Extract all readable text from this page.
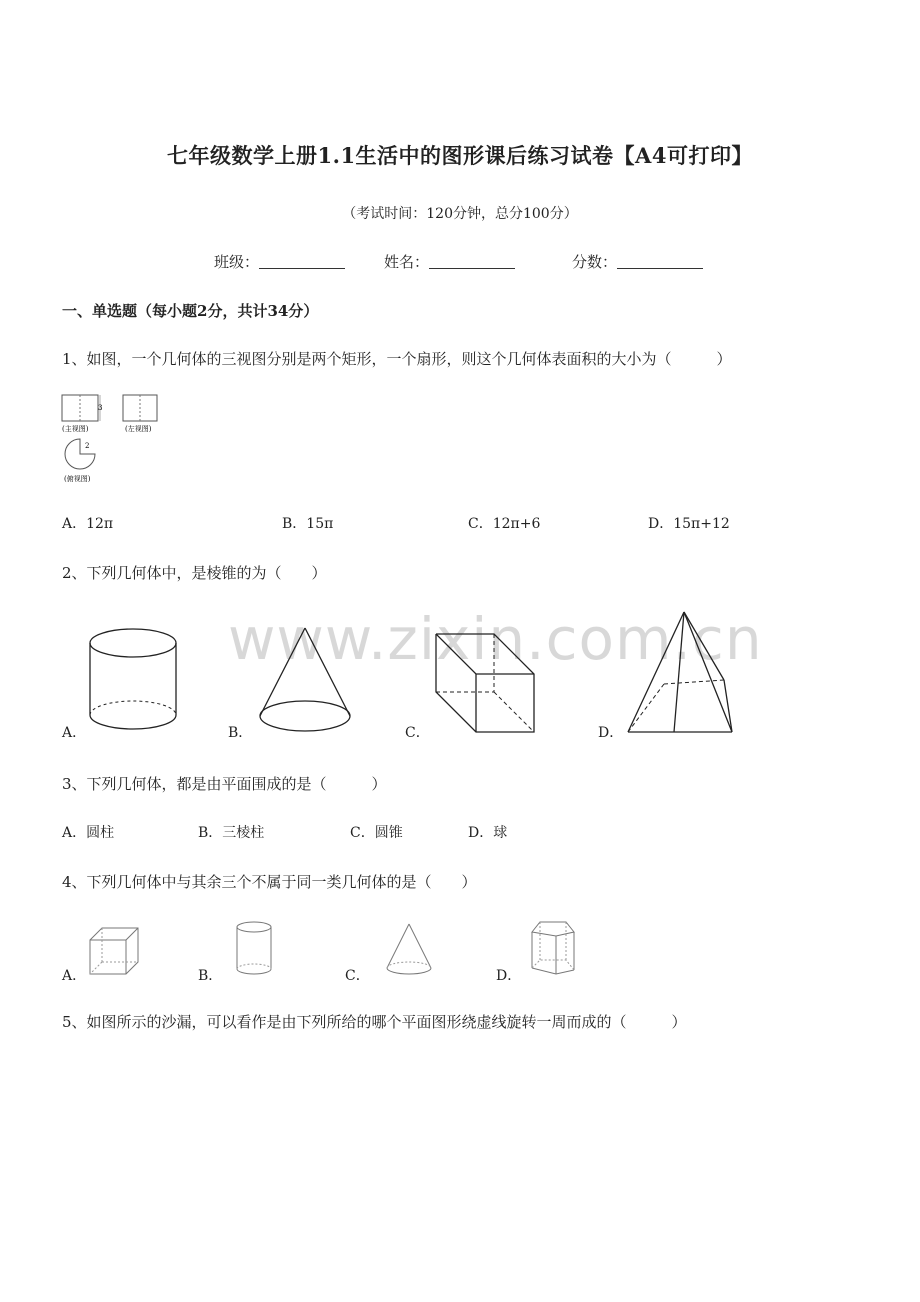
www.zixin.com.cn
七年级数学上册1.1生活中的图形课后练习试卷【A4可打印】
（考试时间：120分钟，总分100分）
班级：	姓名：	分数：
一、单选题（每小题2分，共计34分）
1、如图，一个几何体的三视图分别是两个矩形，一个扇形，则这个几何体表面积的大小为（　　　）
3
(主视图)	(左视图)
2
(俯视图)
A．12π	B．15π	C．12π+6	D．15π+12
2、下列几何体中，是棱锥的为（　　）
A．	B．	C．	D．
3、下列几何体，都是由平面围成的是（　　　）
A．圆柱	B．三棱柱	C．圆锥	D．球
4、下列几何体中与其余三个不属于同一类几何体的是（　　）
A．	B．	C．	D．
5、如图所示的沙漏，可以看作是由下列所给的哪个平面图形绕虚线旋转一周而成的（　　　）
